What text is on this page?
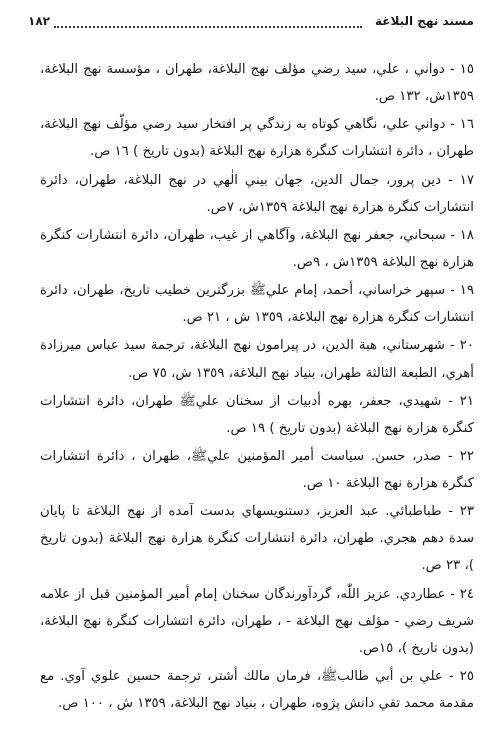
مسند نهج البلاغة
١٨٢

١٥ - دواني ، علي، سيد رضي مؤلف نهج البلاغة، طهران ، مؤسسة نهج البلاغة، ١٣٥٩ش، ١٣٢ ص.

١٦ - دواني علي، نگاهي كوتاه به زندگي پر افتخار سيد رضي مؤلّف نهج البلاغة، طهران ، دائرة انتشارات كنگرة هزارة نهج البلاغة (بدون تاريخ ) ١٦ ص.

١٧ - دين پرور، جمال الدين، جهان بيني الٰهي در نهج البلاغة، طهران، دائرة انتشارات كنگرة هزارة نهج البلاغة ١٣٥٩ش، ٧ص.

١٨ - سبحاني، جعفر نهج البلاغة، وآگاهي از غيب، طهران، دائرة انتشارات كنگرة هزارة نهج البلاغة ١٣٥٩ش ، ٩ص.

١٩ - سپهر خراساني، أحمد، إمام عليﷺ بزرگترين خطيب تاريخ، طهران، دائرة انتشارات كنگرة هزارة نهج البلاغة، ١٣٥٩ ش ، ٢١ ص.

٢٠ - شهرستاني، هبة الدين، در پيرامون نهج البلاغة، ترجمة سيد عباس ميرزادة أهري، الطبعة الثالثة طهران، بنياد نهج البلاغة، ١٣٥٩ ش، ٧٥ ص.

٢١ - شهيدي، جعفر، بهره أدبيات از سخنان عليﷺ طهران، دائرة انتشارات كنگرة هزارة نهج البلاغة (بدون تاريخ ) ١٩ ص.

٢٢ - صدر، حسن. سياست أمير المؤمنين عليﷺ، طهران ، دائرة انتشارات كنگرة هزارة نهج البلاغة ١٠ ص.

٢٣ - طباطبائي. عبد العزيز، دستنويسهاي بدست آمده از نهج البلاغة تا پايان سدة دهم هجري. طهران، دائرة انتشارات كنگرة هزارة نهج البلاغة (بدون تاريخ )، ٢٣ ص.

٢٤ - عطاردي. عزيز اللّٰه، گردآورندگان سخنان إمام أمير المؤمنين قبل از علامه شريف رضي - مؤلف نهج البلاغة - ، طهران، دائرة انتشارات كنگرة نهج البلاغة، (بدون تاريخ )، ١٥ص.

٢٥ - علي بن أبي طالبﷺ، فرمان مالك أشتر، ترجمة حسين علوي آوي. مع مقدمة محمد تقي دانش پژوه، طهران ، بنياد نهج البلاغة، ١٣٥٩ ش ، ١٠٠ ص.
